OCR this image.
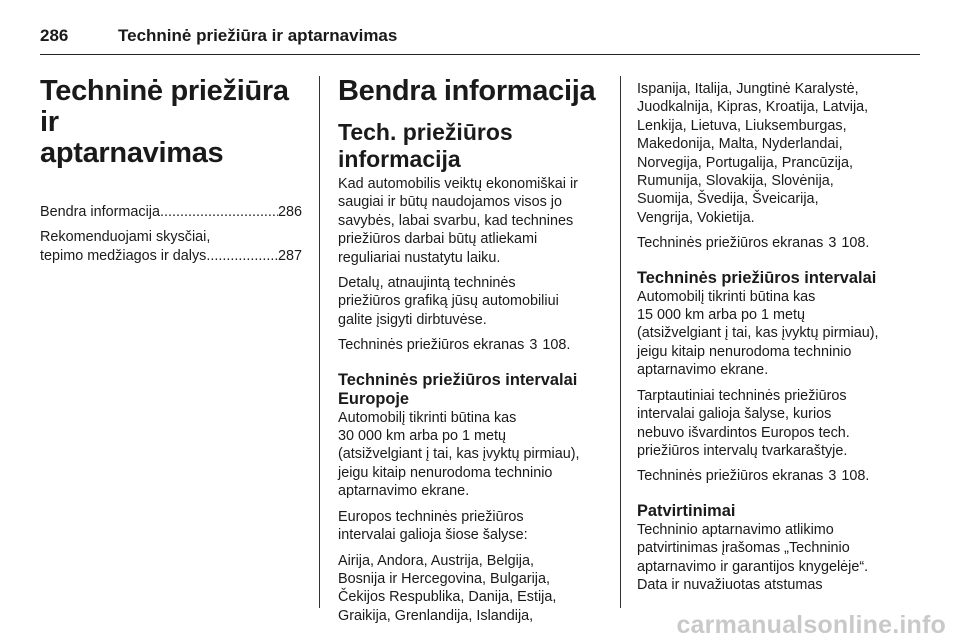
286	Techninė priežiūra ir aptarnavimas
Techninė priežiūra ir
aptarnavimas
Bendra informacija .....	286
Rekomenduojami skysčiai,
tepimo medžiagos ir dalys .....	287
Bendra informacija
Tech. priežiūros
informacija

Kad automobilis veiktų ekonomiškai ir
saugiai ir būtų naudojamos visos jo
savybės, labai svarbu, kad technines
priežiūros darbai būtų atliekami
reguliariai nustatytu laiku.

Detalų, atnaujintą techninės
priežiūros grafiką jūsų automobiliui
galite įsigyti dirbtuvėse.

Techninės priežiūros ekranas 3 108.
Techninės priežiūros intervalai
Europoje

Automobilį tikrinti būtina kas
30 000 km arba po 1 metų
(atsižvelgiant į tai, kas įvyktų pirmiau),
jeigu kitaip nenurodoma techninio
aptarnavimo ekrane.

Europos techninės priežiūros
intervalai galioja šiose šalyse:

Airija, Andora, Austrija, Belgija,
Bosnija ir Hercegovina, Bulgarija,
Čekijos Respublika, Danija, Estija,
Graikija, Grenlandija, Islandija,

Ispanija, Italija, Jungtinė Karalystė,
Juodkalnija, Kipras, Kroatija, Latvija,
Lenkija, Lietuva, Liuksemburgas,
Makedonija, Malta, Nyderlandai,
Norvegija, Portugalija, Prancūzija,
Rumunija, Slovakija, Slovėnija,
Suomija, Švedija, Šveicarija,
Vengrija, Vokietija.

Techninės priežiūros ekranas 3 108.
Techninės priežiūros intervalai

Automobilį tikrinti būtina kas
15 000 km arba po 1 metų
(atsižvelgiant į tai, kas įvyktų pirmiau),
jeigu kitaip nenurodoma techninio
aptarnavimo ekrane.

Tarptautiniai techninės priežiūros
intervalai galioja šalyse, kurios
nebuvo išvardintos Europos tech.
priežiūros intervalų tvarkaraštyje.

Techninės priežiūros ekranas 3 108.
Patvirtinimai

Techninio aptarnavimo atlikimo
patvirtinimas įrašomas „Techninio
aptarnavimo ir garantijos knygelėje“.
Data ir nuvažiuotas atstumas

carmanualsonline.info
